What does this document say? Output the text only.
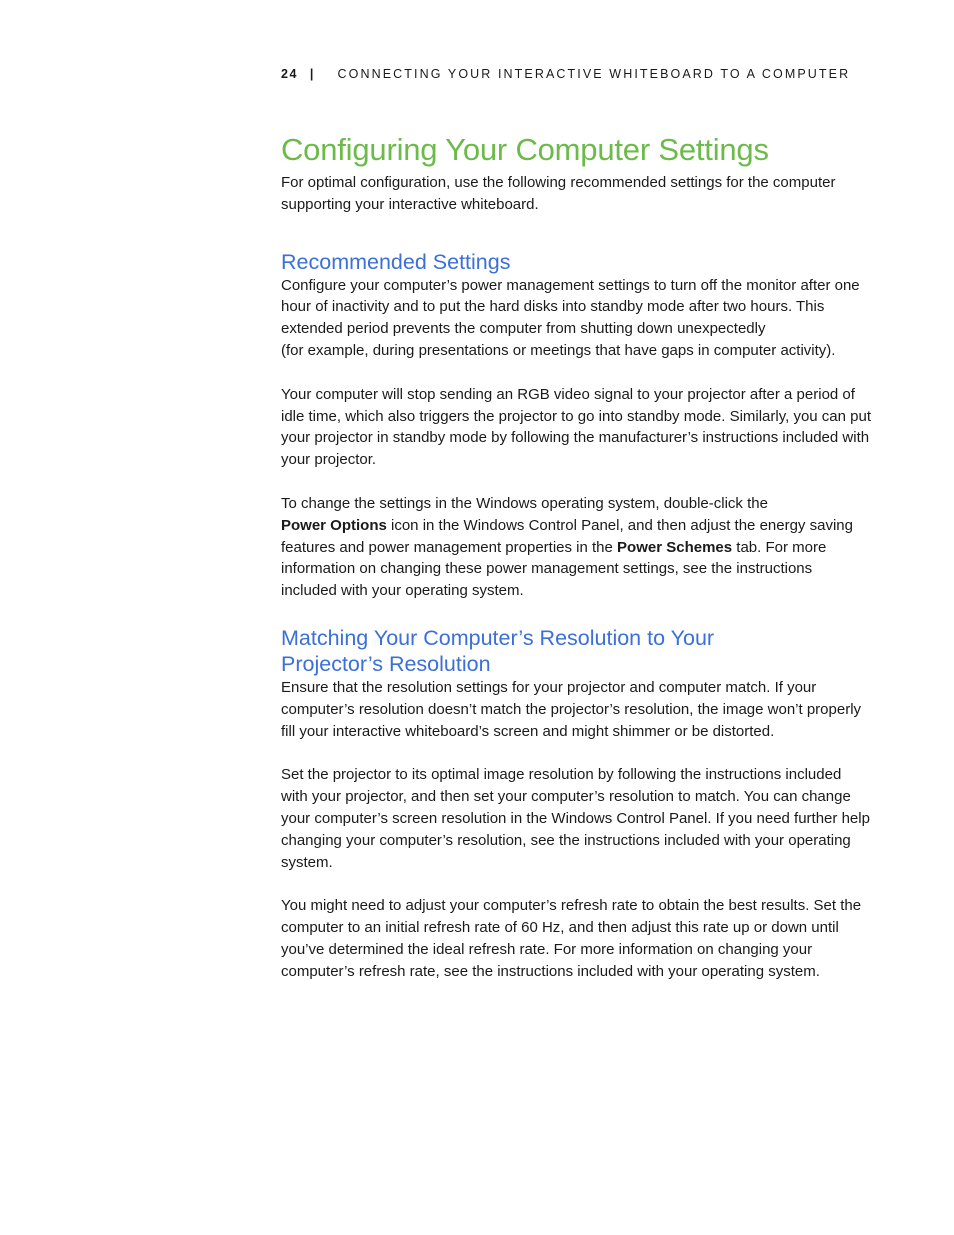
24 | CONNECTING YOUR INTERACTIVE WHITEBOARD TO A COMPUTER
Configuring Your Computer Settings

For optimal configuration, use the following recommended settings for the computer supporting your interactive whiteboard.

Recommended Settings

Configure your computer’s power management settings to turn off the monitor after one hour of inactivity and to put the hard disks into standby mode after two hours. This extended period prevents the computer from shutting down unexpectedly
(for example, during presentations or meetings that have gaps in computer activity).

Your computer will stop sending an RGB video signal to your projector after a period of idle time, which also triggers the projector to go into standby mode. Similarly, you can put your projector in standby mode by following the manufacturer’s instructions included with your projector.

To change the settings in the Windows operating system, double-click the
Power Options icon in the Windows Control Panel, and then adjust the energy saving features and power management properties in the Power Schemes tab. For more information on changing these power management settings, see the instructions included with your operating system.

Matching Your Computer’s Resolution to Your
Projector’s Resolution

Ensure that the resolution settings for your projector and computer match. If your computer’s resolution doesn’t match the projector’s resolution, the image won’t properly fill your interactive whiteboard’s screen and might shimmer or be distorted.

Set the projector to its optimal image resolution by following the instructions included with your projector, and then set your computer’s resolution to match. You can change your computer’s screen resolution in the Windows Control Panel. If you need further help changing your computer’s resolution, see the instructions included with your operating system.

You might need to adjust your computer’s refresh rate to obtain the best results. Set the computer to an initial refresh rate of 60 Hz, and then adjust this rate up or down until you’ve determined the ideal refresh rate. For more information on changing your computer’s refresh rate, see the instructions included with your operating system.
